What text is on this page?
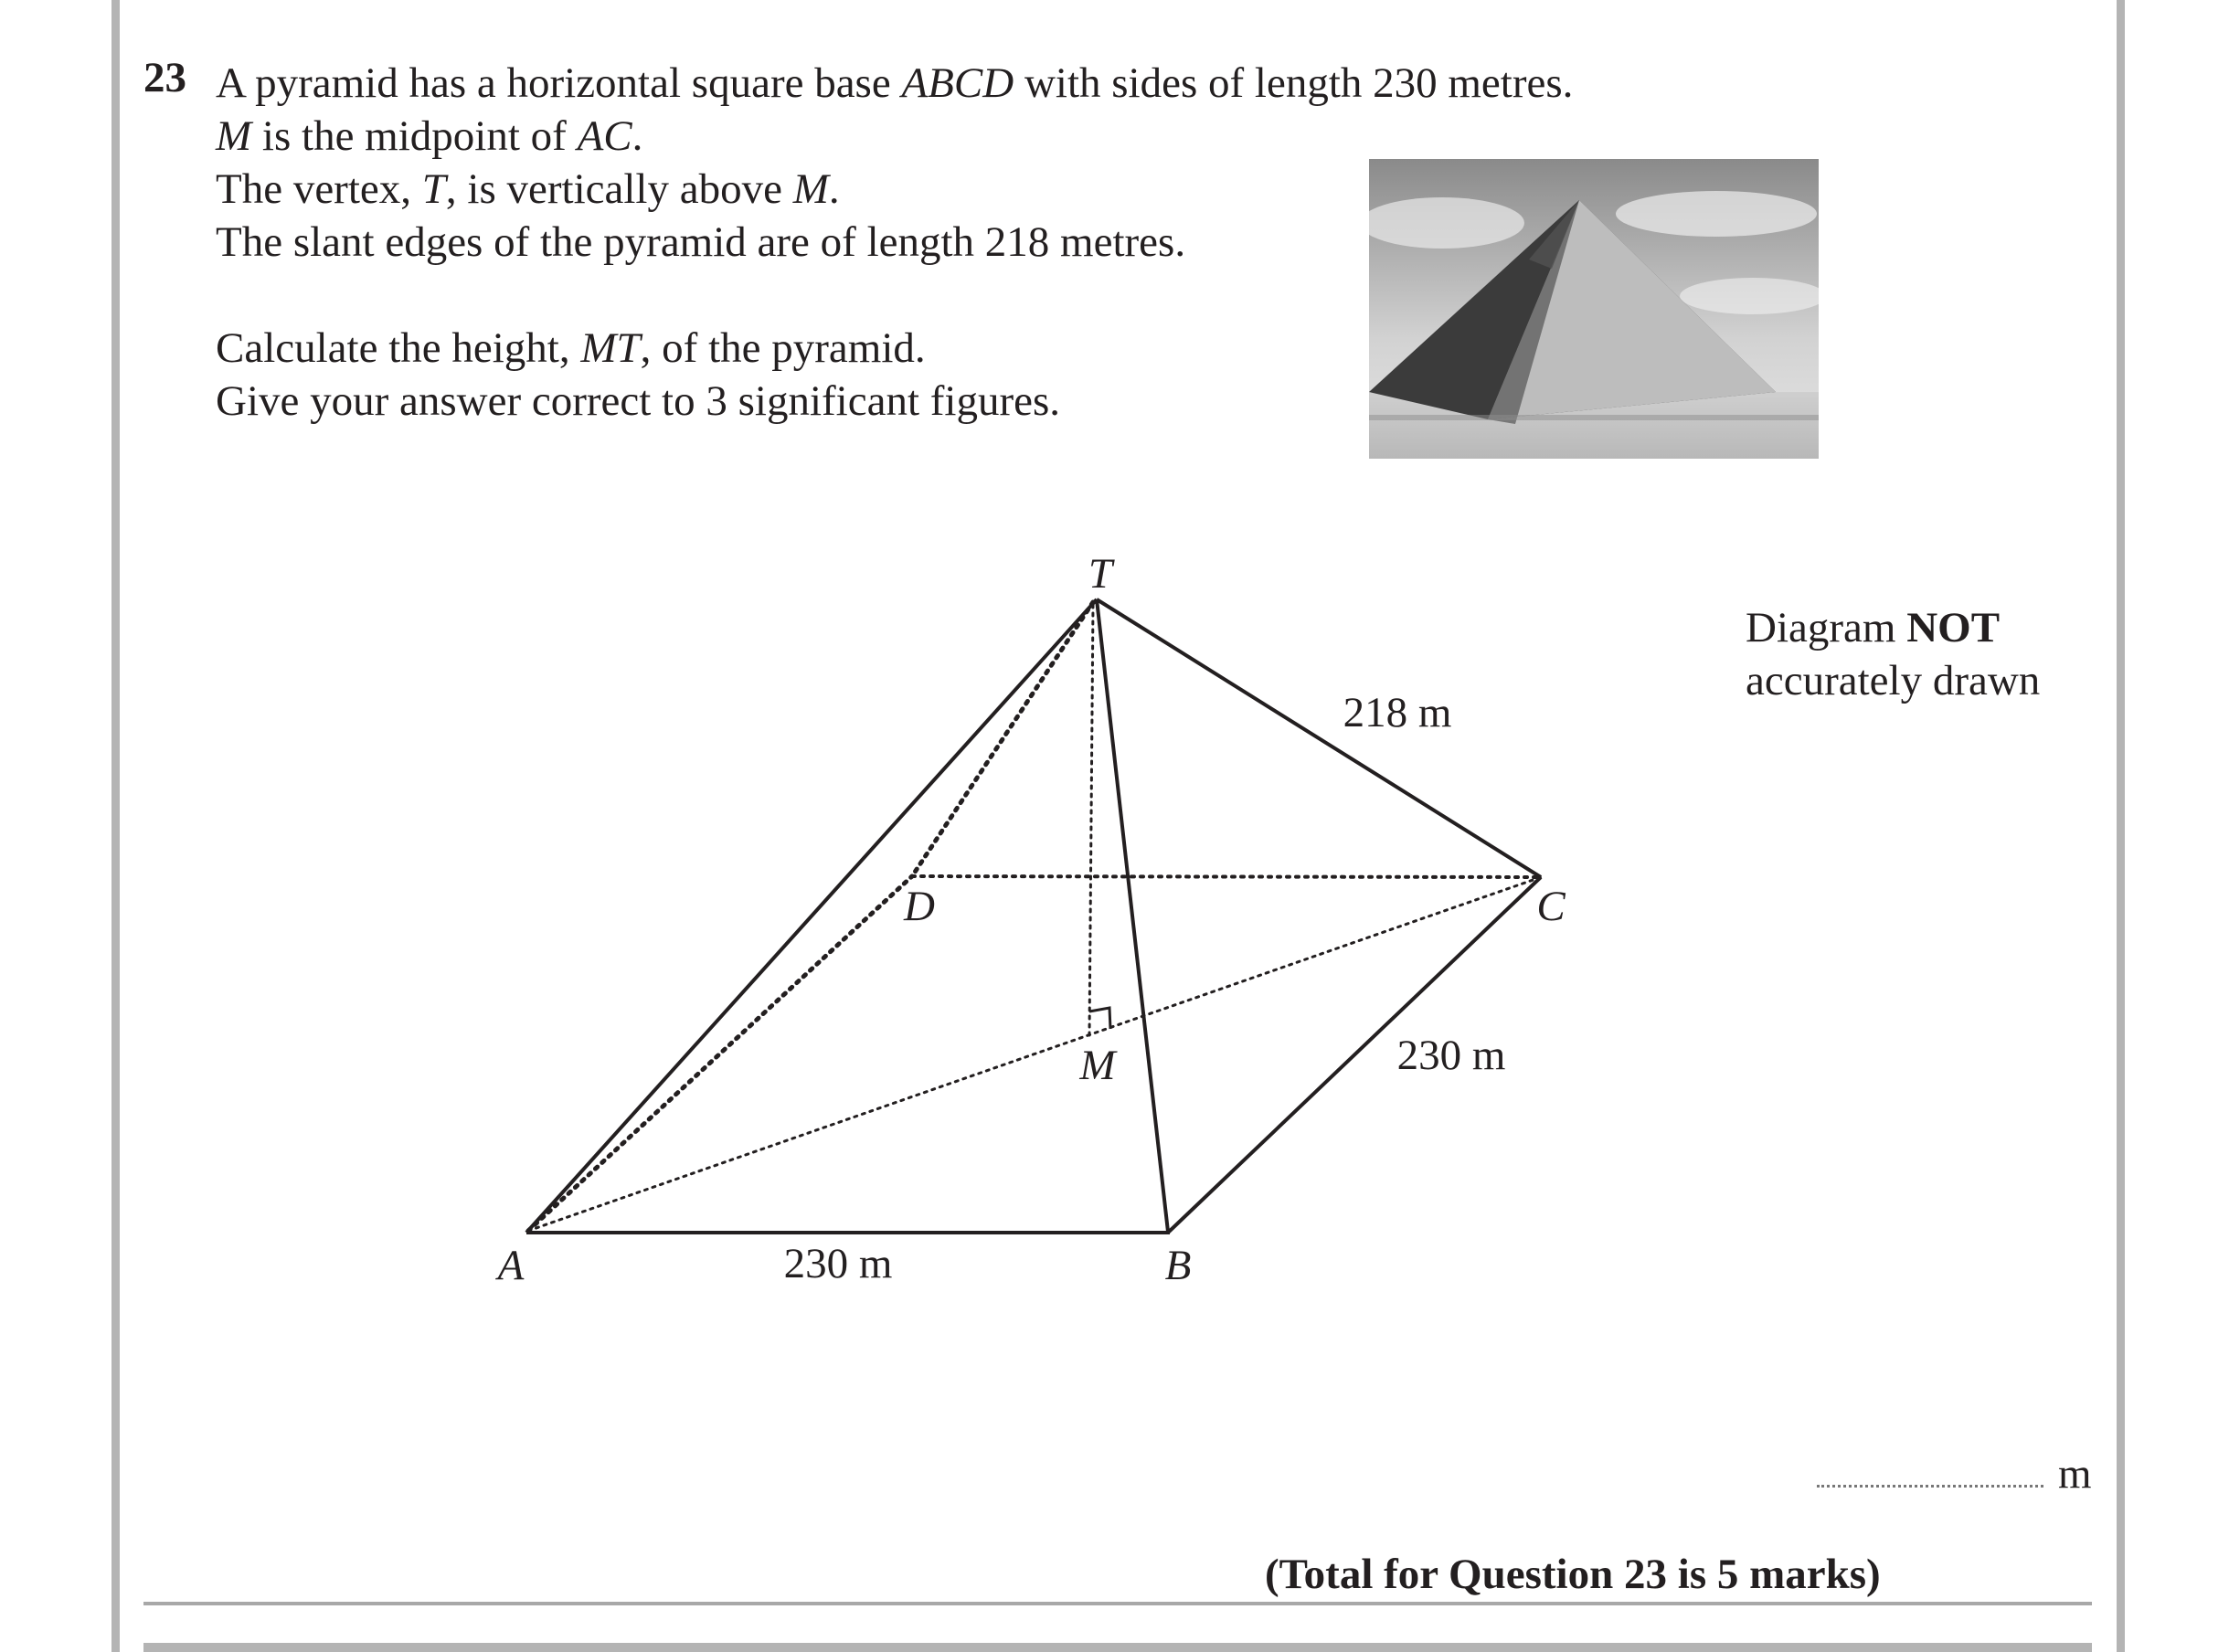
23 A pyramid has a horizontal square base ABCD with sides of length 230 metres.

M is the midpoint of AC.

The vertex, T, is vertically above M.

The slant edges of the pyramid are of length 218 metres.

Calculate the height, MT, of the pyramid.

Give your answer correct to 3 significant figures.

T
A	B
C
D
M
218 m
230 m
230 m
Diagram NOT
accurately drawn
m
(Total for Question 23 is 5 marks)
